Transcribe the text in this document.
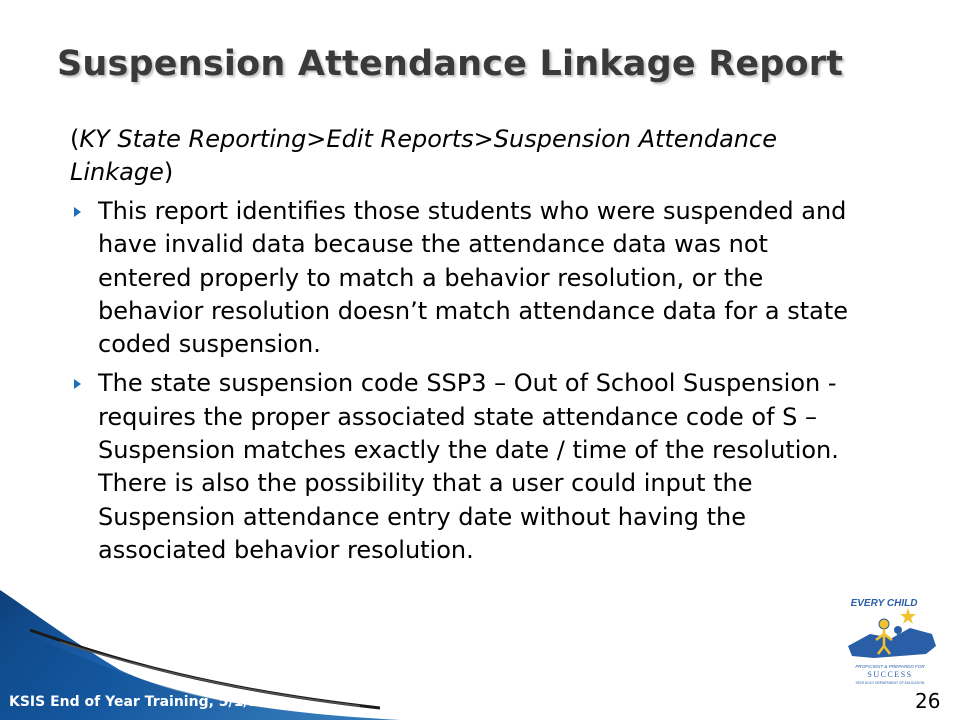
Suspension Attendance Linkage Report
(KY State Reporting>Edit Reports>Suspension Attendance Linkage)
This report identifies those students who were suspended and have invalid data because the attendance data was not entered properly to match a behavior resolution, or the behavior resolution doesn’t match attendance data for a state coded suspension.
The state suspension code SSP3 – Out of School Suspension - requires the proper associated state attendance code of S – Suspension matches exactly the date / time of the resolution. There is also the possibility that a user could input the Suspension attendance entry date without having the associated behavior resolution.
KSIS End of Year Training, 5/1/13	26
EVERY CHILD
PROFICIENT & PREPARED FOR
SUCCESS
KENTUCKY DEPARTMENT OF EDUCATION
